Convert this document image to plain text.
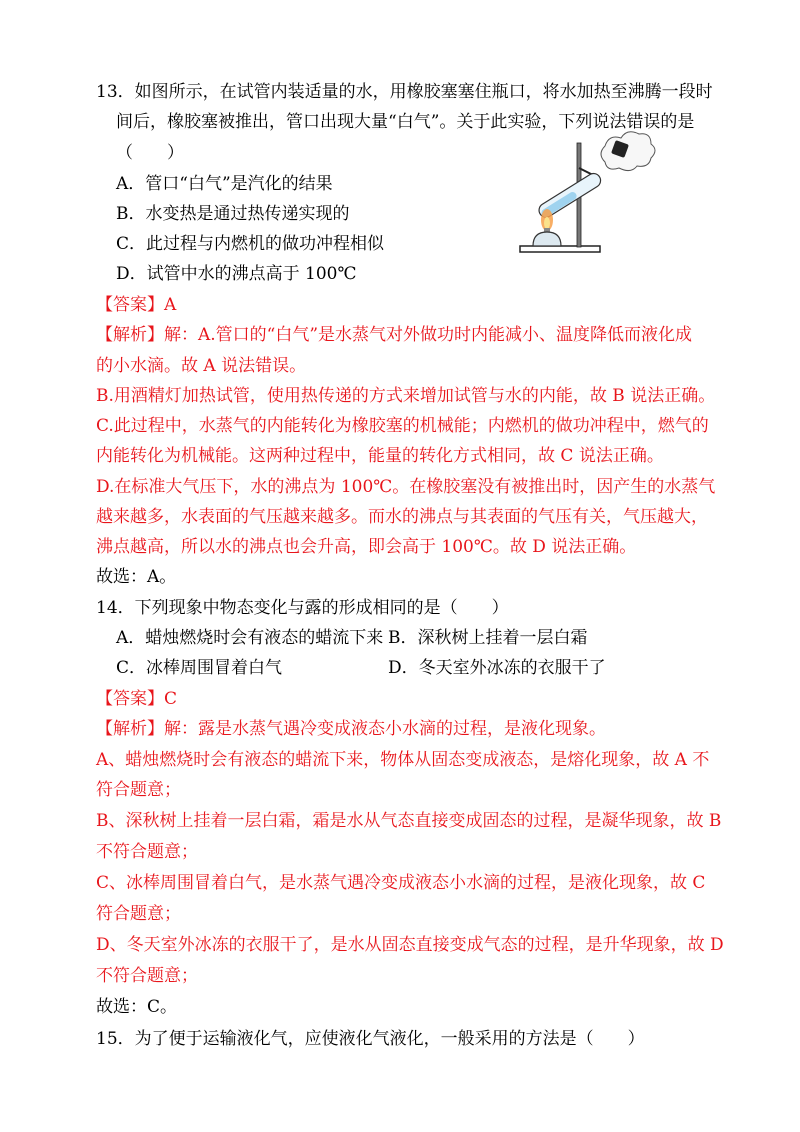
13．如图所示，在试管内装适量的水，用橡胶塞塞住瓶口，将水加热至沸腾一段时
间后，橡胶塞被推出，管口出现大量“白气”。关于此实验，下列说法错误的是
（　　）
A．管口“白气”是汽化的结果
B．水变热是通过热传递实现的
C．此过程与内燃机的做功冲程相似
D．试管中水的沸点高于 100℃
【答案】A
【解析】解：A.管口的“白气”是水蒸气对外做功时内能减小、温度降低而液化成
的小水滴。故 A 说法错误。
B.用酒精灯加热试管，使用热传递的方式来增加试管与水的内能，故 B 说法正确。
C.此过程中，水蒸气的内能转化为橡胶塞的机械能；内燃机的做功冲程中，燃气的
内能转化为机械能。这两种过程中，能量的转化方式相同，故 C 说法正确。
D.在标准大气压下，水的沸点为 100℃。在橡胶塞没有被推出时，因产生的水蒸气
越来越多，水表面的气压越来越多。而水的沸点与其表面的气压有关，气压越大，
沸点越高，所以水的沸点也会升高，即会高于 100℃。故 D 说法正确。
故选：A。
14．下列现象中物态变化与露的形成相同的是（　　）
A．蜡烛燃烧时会有液态的蜡流下来 B．深秋树上挂着一层白霜
C．冰棒周围冒着白气	D．冬天室外冰冻的衣服干了
【答案】C
【解析】解：露是水蒸气遇冷变成液态小水滴的过程，是液化现象。
A、蜡烛燃烧时会有液态的蜡流下来，物体从固态变成液态，是熔化现象，故 A 不
符合题意；
B、深秋树上挂着一层白霜，霜是水从气态直接变成固态的过程，是凝华现象，故 B
不符合题意；
C、冰棒周围冒着白气，是水蒸气遇冷变成液态小水滴的过程，是液化现象，故 C
符合题意；
D、冬天室外冰冻的衣服干了，是水从固态直接变成气态的过程，是升华现象，故 D
不符合题意；
故选：C。
15．为了便于运输液化气，应使液化气液化，一般采用的方法是（　　）
